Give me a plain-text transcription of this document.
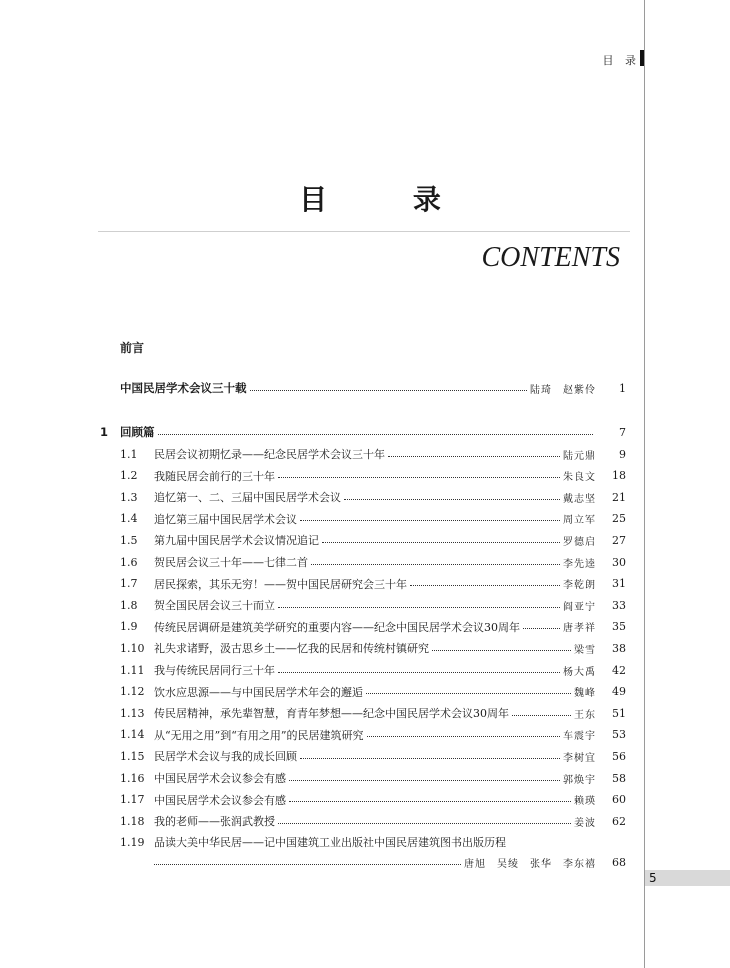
目 录
目 录
CONTENTS
前言
中国民居学术会议三十载	陆琦　赵紫伶	1
1	回顾篇	7
1.1	民居会议初期忆录——纪念民居学术会议三十年	陆元鼎	9
1.2	我随民居会前行的三十年	朱良文	18
1.3	追忆第一、二、三届中国民居学术会议	戴志坚	21
1.4	追忆第三届中国民居学术会议	周立军	25
1.5	第九届中国民居学术会议情况追记	罗德启	27
1.6	贺民居会议三十年——七律二首	李先逵	30
1.7	居民探索，其乐无穷！——贺中国民居研究会三十年	李乾朗	31
1.8	贺全国民居会议三十而立	阎亚宁	33
1.9	传统民居调研是建筑美学研究的重要内容——纪念中国民居学术会议30周年	唐孝祥	35
1.10 礼失求诸野，汲古思乡土——忆我的民居和传统村镇研究	梁雪	38
1.11 我与传统民居同行三十年	杨大禹	42
1.12 饮水应思源——与中国民居学术年会的邂逅	魏峰	49
1.13 传民居精神，承先辈智慧，育青年梦想——纪念中国民居学术会议30周年	王东	51
1.14 从“无用之用”到“有用之用”的民居建筑研究	车震宇	53
1.15 民居学术会议与我的成长回顾	李树宜	56
1.16 中国民居学术会议参会有感	郭焕宇	58
1.17 中国民居学术会议参会有感	赖瑛	60
1.18 我的老师——张润武教授	姜波	62
1.19 品读大美中华民居——记中国建筑工业出版社中国民居建筑图书出版历程
唐旭　吴绫　张华　李东禧	68
5
